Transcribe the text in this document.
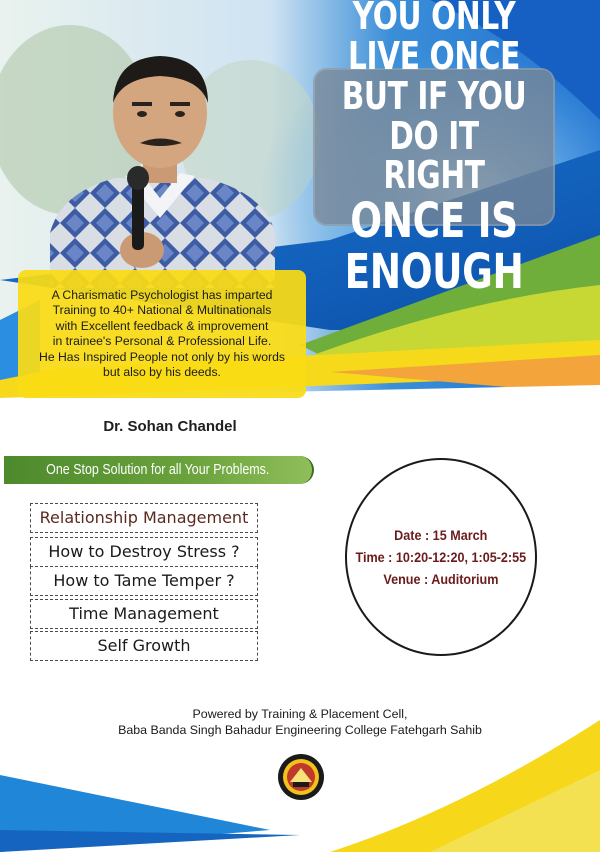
YOU ONLY LIVE ONCE
BUT IF YOU DO IT RIGHT
ONCE IS ENOUGH
A Charismatic Psychologist has imparted
Training to 40+ National & Multinationals
with Excellent feedback & improvement
in trainee's Personal & Professional Life.
He Has Inspired People not only by his words
but also by his deeds.
Dr. Sohan Chandel
One Stop Solution for all Your Problems.
Relationship Management
How to Destroy Stress ?
How to Tame Temper ?
Time Management
Self Growth
Date : 15 March
Time : 10:20-12:20, 1:05-2:55
Venue : Auditorium
Powered by Training & Placement Cell,
Baba Banda Singh Bahadur Engineering College Fatehgarh Sahib
